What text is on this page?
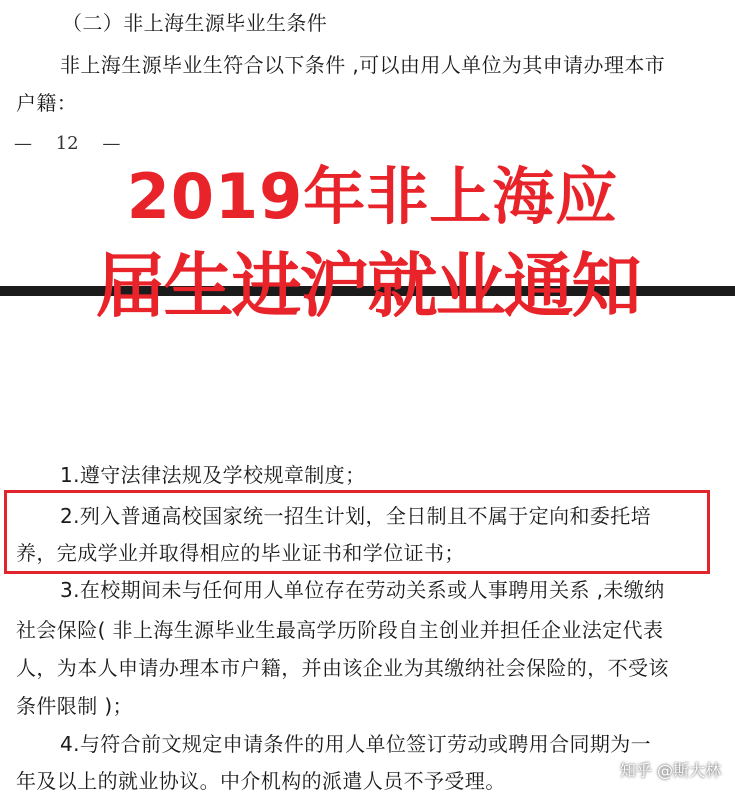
（二）非上海生源毕业生条件
非上海生源毕业生符合以下条件 ,可以由用人单位为其申请办理本市
户籍：
— 12 —
2019年非上海应
届生进沪就业通知
1.遵守法律法规及学校规章制度；
2.列入普通高校国家统一招生计划，全日制且不属于定向和委托培
养，完成学业并取得相应的毕业证书和学位证书；
3.在校期间未与任何用人单位存在劳动关系或人事聘用关系 ,未缴纳
社会保险( 非上海生源毕业生最高学历阶段自主创业并担任企业法定代表
人，为本人申请办理本市户籍，并由该企业为其缴纳社会保险的，不受该
条件限制 )；
4.与符合前文规定申请条件的用人单位签订劳动或聘用合同期为一
年及以上的就业协议。中介机构的派遣人员不予受理。	知乎 @斯大林
